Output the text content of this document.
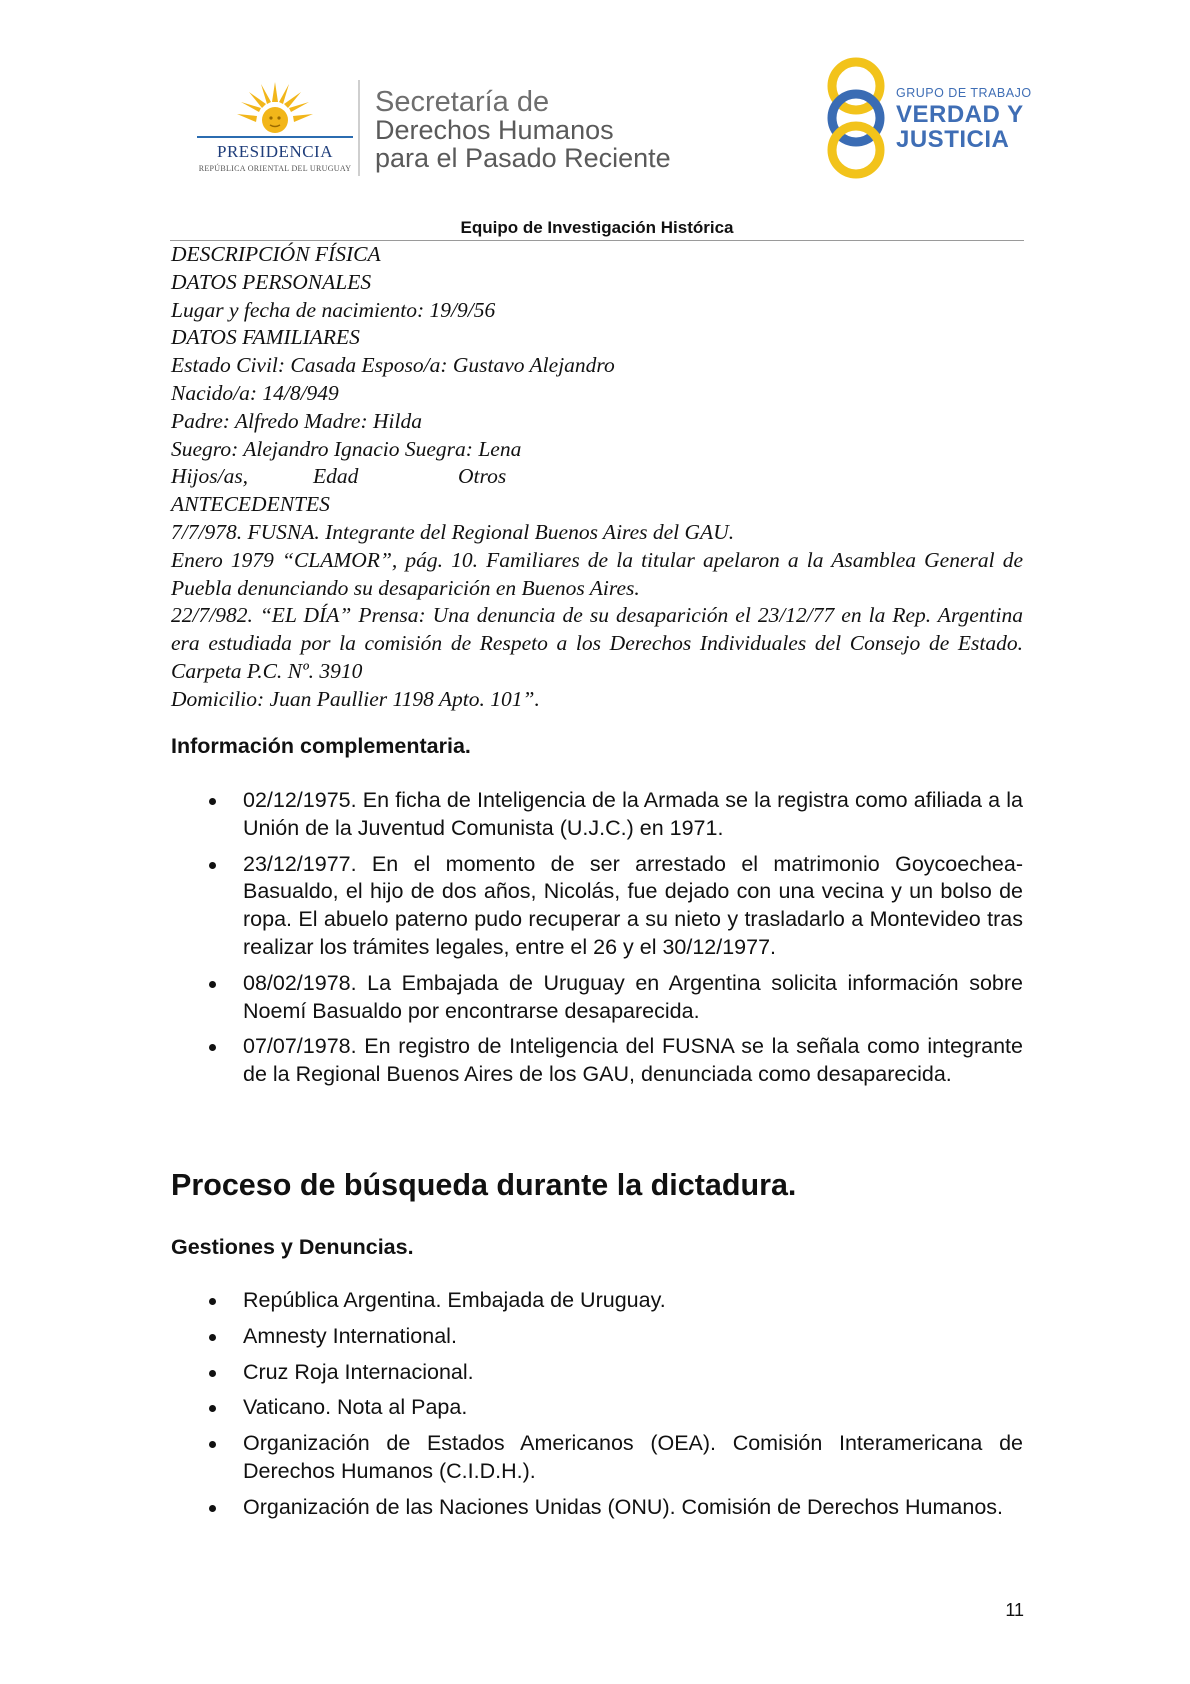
PRESIDENCIA
REPÚBLICA ORIENTAL DEL URUGUAY
Secretaría de
Derechos Humanos
para el Pasado Reciente
GRUPO DE TRABAJO
VERDAD Y
JUSTICIA
Equipo de Investigación Histórica
DESCRIPCIÓN FÍSICA
DATOS PERSONALES
Lugar y fecha de nacimiento: 19/9/56
DATOS FAMILIARES
Estado Civil: Casada Esposo/a: Gustavo Alejandro
Nacido/a: 14/8/949
Padre: Alfredo Madre: Hilda
Suegro: Alejandro Ignacio Suegra: Lena
Hijos/as,	Edad	Otros
ANTECEDENTES
7/7/978. FUSNA. Integrante del Regional Buenos Aires del GAU.
Enero 1979 “CLAMOR”, pág. 10. Familiares de la titular apelaron a la Asamblea General de Puebla denunciando su desaparición en Buenos Aires.
22/7/982. “EL DÍA” Prensa: Una denuncia de su desaparición el 23/12/77 en la Rep. Argentina era estudiada por la comisión de Respeto a los Derechos Individuales del Consejo de Estado. Carpeta P.C. Nº. 3910
Domicilio: Juan Paullier 1198 Apto. 101”.
Información complementaria.
02/12/1975. En ficha de Inteligencia de la Armada se la registra como afiliada a la Unión de la Juventud Comunista (U.J.C.) en 1971.
23/12/1977. En el momento de ser arrestado el matrimonio Goycoechea-Basualdo, el hijo de dos años, Nicolás, fue dejado con una vecina y un bolso de ropa. El abuelo paterno pudo recuperar a su nieto y trasladarlo a Montevideo tras realizar los trámites legales, entre el 26 y el 30/12/1977.
08/02/1978. La Embajada de Uruguay en Argentina solicita información sobre Noemí Basualdo por encontrarse desaparecida.
07/07/1978. En registro de Inteligencia del FUSNA se la señala como integrante de la Regional Buenos Aires de los GAU, denunciada como desaparecida.
Proceso de búsqueda durante la dictadura.
Gestiones y Denuncias.
República Argentina. Embajada de Uruguay.
Amnesty International.
Cruz Roja Internacional.
Vaticano. Nota al Papa.
Organización de Estados Americanos (OEA). Comisión Interamericana de Derechos Humanos (C.I.D.H.).
Organización de las Naciones Unidas (ONU). Comisión de Derechos Humanos.
11
